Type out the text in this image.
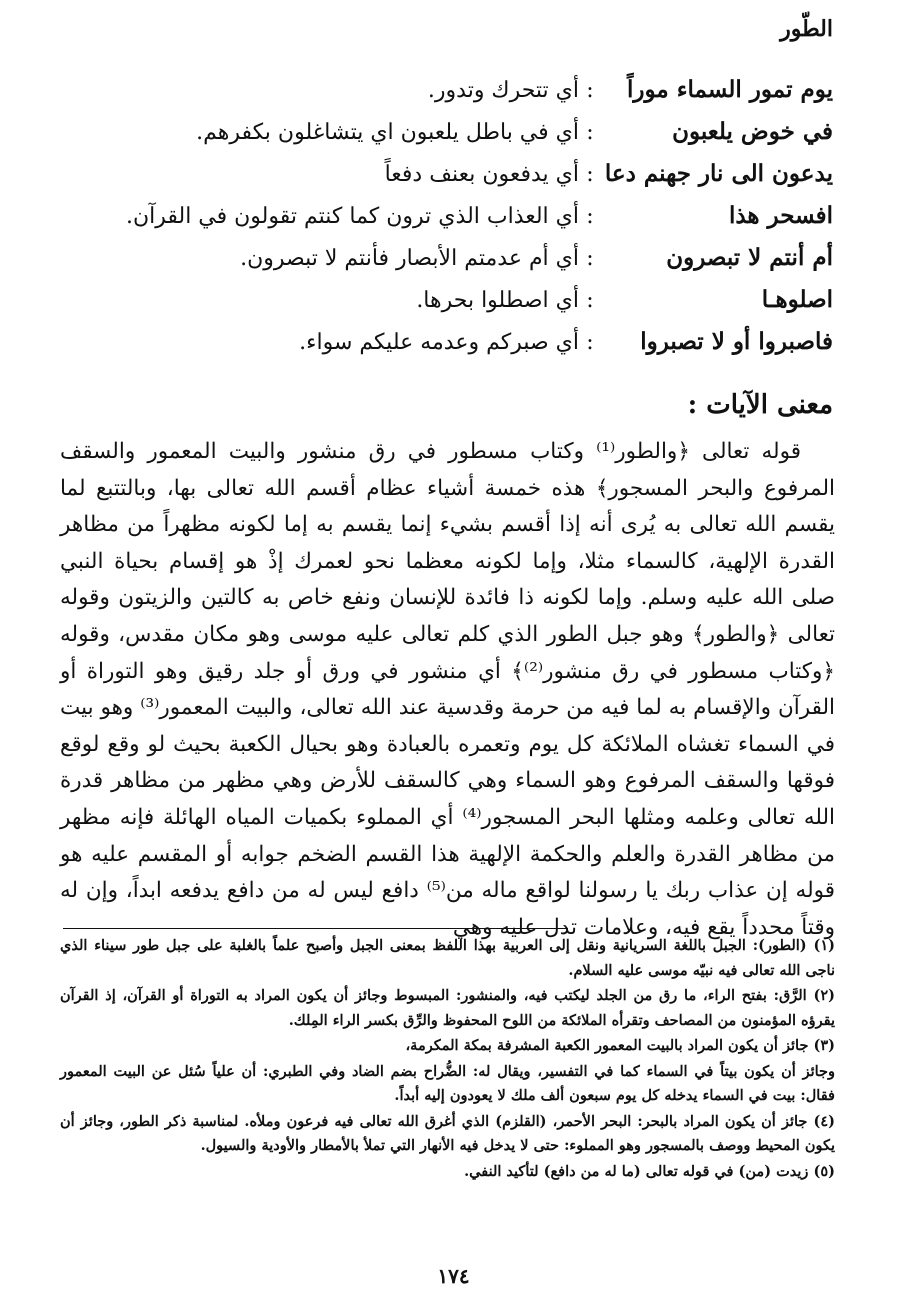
الطّور
يوم تمور السماء موراً
:
أي تتحرك وتدور.
في خوض يلعبون
:
أي في باطل يلعبون اي يتشاغلون بكفرهم.
يدعون الى نار جهنم دعا
:
أي يدفعون بعنف دفعاً
افسحر هذا
:
أي العذاب الذي ترون كما كنتم تقولون في القرآن.
أم أنتم لا تبصرون
:
أي أم عدمتم الأبصار فأنتم لا تبصرون.
اصلوهـا
:
أي اصطلوا بحرها.
فاصبروا أو لا تصبروا
:
أي صبركم وعدمه عليكم سواء.
معنى الآيات :

قوله تعالى ﴿والطور⁽¹⁾ وكتاب مسطور في رق منشور والبيت المعمور والسقف المرفوع والبحر المسجور﴾ هذه خمسة أشياء عظام أقسم الله تعالى بها، وبالتتبع لما يقسم الله تعالى به يُرى أنه إذا أقسم بشيء إنما يقسم به إما لكونه مظهراً من مظاهر القدرة الإلهية، كالسماء مثلا، وإما لكونه معظما نحو لعمرك إذْ هو إقسام بحياة النبي صلى الله عليه وسلم. وإما لكونه ذا فائدة للإنسان ونفع خاص به كالتين والزيتون وقوله تعالى ﴿والطور﴾ وهو جبل الطور الذي كلم تعالى عليه موسى وهو مكان مقدس، وقوله ﴿وكتاب مسطور في رق منشور⁽²⁾﴾ أي منشور في ورق أو جلد رقيق وهو التوراة أو القرآن والإقسام به لما فيه من حرمة وقدسية عند الله تعالى، والبيت المعمور⁽³⁾ وهو بيت في السماء تغشاه الملائكة كل يوم وتعمره بالعبادة وهو بحيال الكعبة بحيث لو وقع لوقع فوقها والسقف المرفوع وهو السماء وهي كالسقف للأرض وهي مظهر من مظاهر قدرة الله تعالى وعلمه ومثلها البحر المسجور⁽⁴⁾ أي المملوء بكميات المياه الهائلة فإنه مظهر من مظاهر القدرة والعلم والحكمة الإلهية هذا القسم الضخم جوابه أو المقسم عليه هو قوله إن عذاب ربك يا رسولنا لواقع ماله من⁽⁵⁾ دافع ليس له من دافع يدفعه ابداً، وإن له وقتاً محدداً يقع فيه، وعلامات تدل عليه وهي

(١) (الطور): الجبل باللغة السريانية ونقل إلى العربية بهذا اللفظ بمعنى الجبل وأصبح علماً بالغلبة على جبل طور سيناء الذي ناجى الله تعالى فيه نبيّه موسى عليه السلام.

(٢) الرَّق: بفتح الراء، ما رق من الجلد ليكتب فيه، والمنشور: المبسوط وجائز أن يكون المراد به التوراة أو القرآن، إذ القرآن يقرؤه المؤمنون من المصاحف وتقرأه الملائكة من اللوح المحفوظ والرِّق بكسر الراء المِلك.

(٣) جائز أن يكون المراد بالبيت المعمور الكعبة المشرفة بمكة المكرمة،

وجائز أن يكون بيتاً في السماء كما في التفسير، ويقال له: الضُّراح بضم الضاد وفي الطبري: أن علياً سُئل عن البيت المعمور فقال: بيت في السماء يدخله كل يوم سبعون ألف ملك لا يعودون إليه أبداً.

(٤) جائز أن يكون المراد بالبحر: البحر الأحمر، (القلزم) الذي أغرق الله تعالى فيه فرعون وملأه. لمناسبة ذكر الطور، وجائز أن يكون المحيط ووصف بالمسجور وهو المملوء: حتى لا يدخل فيه الأنهار التي تملأ بالأمطار والأودية والسيول.

(٥) زيدت (من) في قوله تعالى (ما له من دافع) لتأكيد النفي.

١٧٤
